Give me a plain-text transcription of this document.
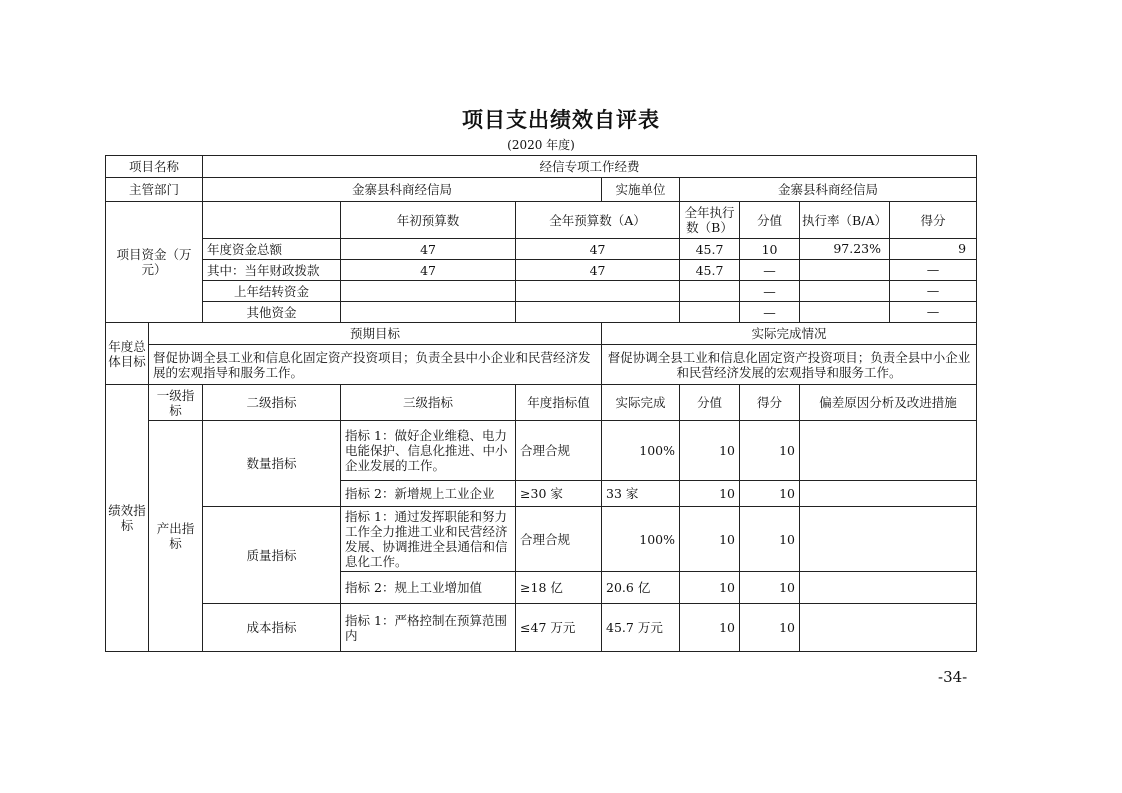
项目支出绩效自评表
(2020 年度)
项目名称		经信专项工作经费						
主管部门		金寨县科商经信局			实施单位	金寨县科商经信局		
项目资金（万元）			年初预算数	全年预算数（A）		全年执行数（B）	分值	执行率（B/A） 得分

		年度资金总额	47	47		45.7	10	97.23% 9

		其中：当年财政拨款	47	47		45.7	—	—

		上年结转资金					—	—

		其他资金					—	—

年度总体目标	预期目标				实际完成情况			
	督促协调全县工业和信息化固定资产投资项目；负责全县中小企业和民营经济发展的宏观指导和服务工作。				督促协调全县工业和信息化固定资产投资项目；负责全县中小企业和民营经济发展的宏观指导和服务工作。			
绩效指标	一级指标	二级指标	三级指标	年度指标值	实际完成	分值	得分	偏差原因分析及改进措施
	产出指标	数量指标	指标 1：做好企业维稳、电力电能保护、信息化推进、中小企业发展的工作。	合理合规	100%	10	10	
			指标 2：新增规上工业企业	≥30 家	33 家	10	10	
		质量指标	指标 1：通过发挥职能和努力工作全力推进工业和民营经济发展、协调推进全县通信和信息化工作。	合理合规	100%	10	10	
			指标 2：规上工业增加值	≥18 亿	20.6 亿	10	10	
		成本指标	指标 1：严格控制在预算范围内	≤47 万元	45.7 万元	10	10	
-34-
